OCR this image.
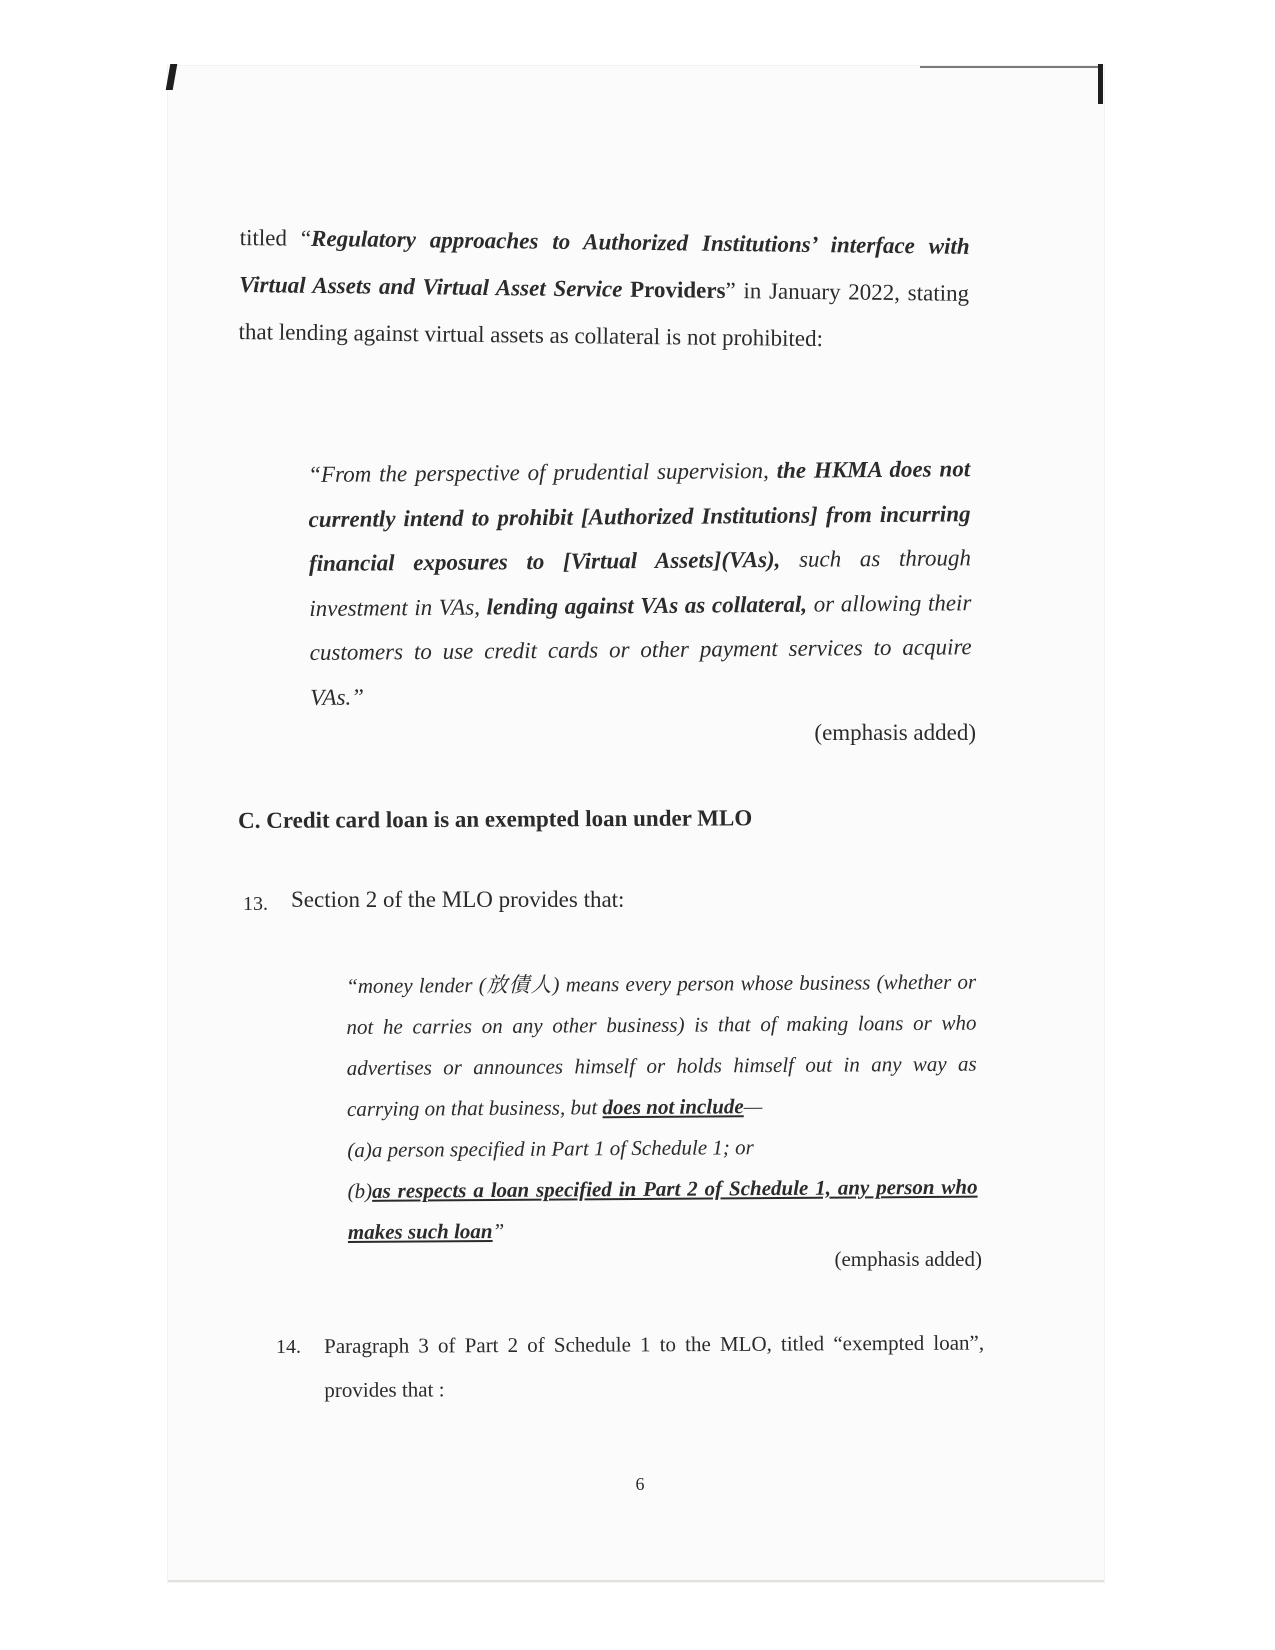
titled “Regulatory approaches to Authorized Institutions’ interface with Virtual Assets and Virtual Asset Service Providers” in January 2022, stating that lending against virtual assets as collateral is not prohibited:

“From the perspective of prudential supervision, the HKMA does not currently intend to prohibit [Authorized Institutions] from incurring financial exposures to [Virtual Assets](VAs), such as through investment in VAs, lending against VAs as collateral, or allowing their customers to use credit cards or other payment services to acquire VAs.”

(emphasis added)
C. Credit card loan is an exempted loan under MLO
13. Section 2 of the MLO provides that:
“money lender (放債人) means every person whose business (whether or not he carries on any other business) is that of making loans or who advertises or announces himself or holds himself out in any way as carrying on that business, but does not include—
(a)a person specified in Part 1 of Schedule 1; or
(b)as respects a loan specified in Part 2 of Schedule 1, any person who makes such loan”
(emphasis added)
14. Paragraph 3 of Part 2 of Schedule 1 to the MLO, titled “exempted loan”, provides that :

6
